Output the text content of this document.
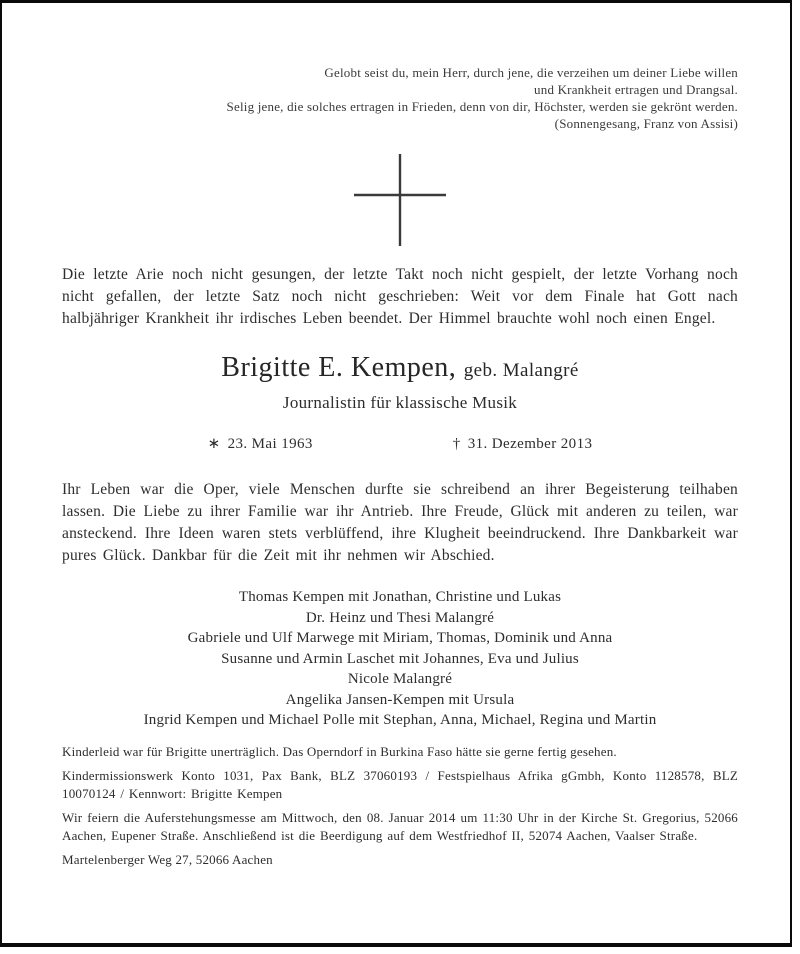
Gelobt seist du, mein Herr, durch jene, die verzeihen um deiner Liebe willen
und Krankheit ertragen und Drangsal.
Selig jene, die solches ertragen in Frieden, denn von dir, Höchster, werden sie gekrönt werden.
(Sonnengesang, Franz von Assisi)
Die letzte Arie noch nicht gesungen, der letzte Takt noch nicht gespielt, der letzte Vorhang noch nicht gefallen, der letzte Satz noch nicht geschrieben: Weit vor dem Finale hat Gott nach halbjähriger Krankheit ihr irdisches Leben beendet. Der Himmel brauchte wohl noch einen Engel.
Brigitte E. Kempen, geb. Malangré
Journalistin für klassische Musik
∗ 23. Mai 1963	† 31. Dezember 2013
Ihr Leben war die Oper, viele Menschen durfte sie schreibend an ihrer Begeisterung teilhaben lassen. Die Liebe zu ihrer Familie war ihr Antrieb. Ihre Freude, Glück mit anderen zu teilen, war ansteckend. Ihre Ideen waren stets verblüffend, ihre Klugheit beeindruckend. Ihre Dankbarkeit war pures Glück. Dankbar für die Zeit mit ihr nehmen wir Abschied.
Thomas Kempen mit Jonathan, Christine und Lukas
Dr. Heinz und Thesi Malangré
Gabriele und Ulf Marwege mit Miriam, Thomas, Dominik und Anna
Susanne und Armin Laschet mit Johannes, Eva und Julius
Nicole Malangré
Angelika Jansen-Kempen mit Ursula
Ingrid Kempen und Michael Polle mit Stephan, Anna, Michael, Regina und Martin
Kinderleid war für Brigitte unerträglich. Das Operndorf in Burkina Faso hätte sie gerne fertig gesehen.
Kindermissionswerk Konto 1031, Pax Bank, BLZ 37060193 / Festspielhaus Afrika gGmbh, Konto 1128578, BLZ 10070124 / Kennwort: Brigitte Kempen
Wir feiern die Auferstehungsmesse am Mittwoch, den 08. Januar 2014 um 11:30 Uhr in der Kirche St. Gregorius, 52066 Aachen, Eupener Straße. Anschließend ist die Beerdigung auf dem Westfriedhof II, 52074 Aachen, Vaalser Straße.
Martelenberger Weg 27, 52066 Aachen
